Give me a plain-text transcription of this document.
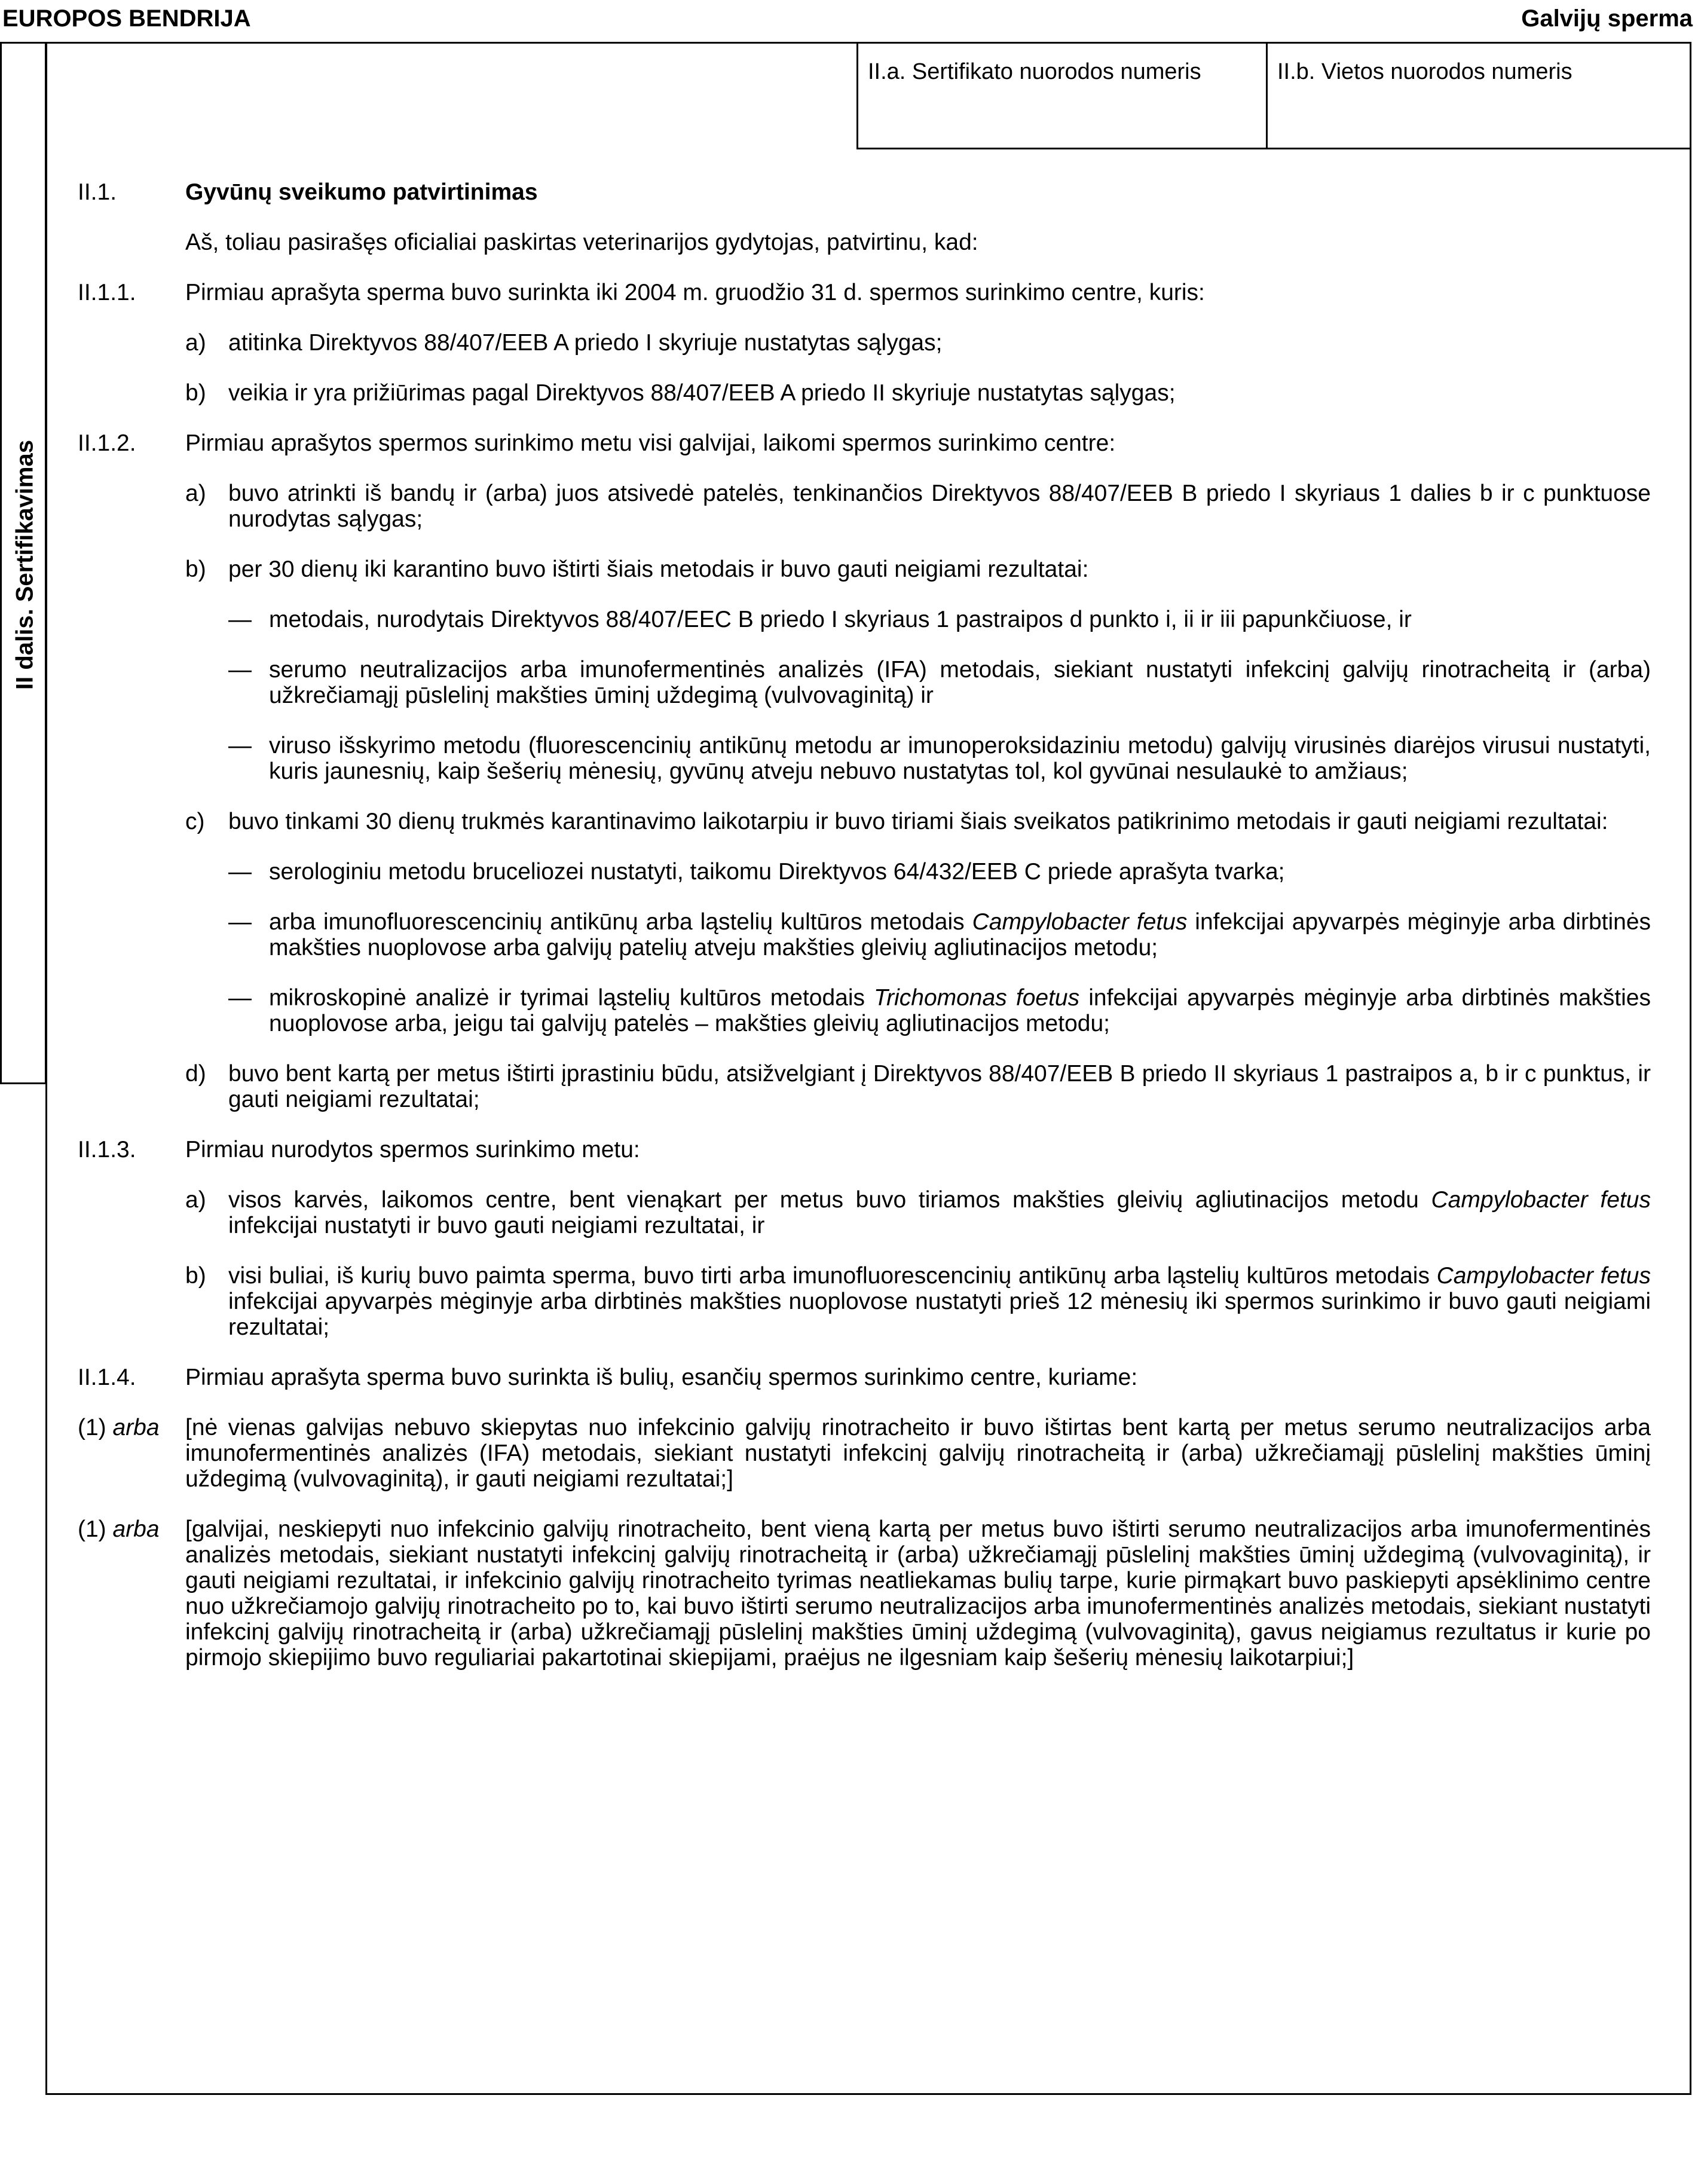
EUROPOS BENDRIJA	Galvijų sperma
II dalis. Sertifikavimas
II.a. Sertifikato nuorodos numeris	II.b. Vietos nuorodos numeris
II.1.	Gyvūnų sveikumo patvirtinimas
Aš, toliau pasirašęs oficialiai paskirtas veterinarijos gydytojas, patvirtinu, kad:
II.1.1.	Pirmiau aprašyta sperma buvo surinkta iki 2004 m. gruodžio 31 d. spermos surinkimo centre, kuris:
a) atitinka Direktyvos 88/407/EEB A priedo I skyriuje nustatytas sąlygas;
b) veikia ir yra prižiūrimas pagal Direktyvos 88/407/EEB A priedo II skyriuje nustatytas sąlygas;
II.1.2.	Pirmiau aprašytos spermos surinkimo metu visi galvijai, laikomi spermos surinkimo centre:
a) buvo atrinkti iš bandų ir (arba) juos atsivedė patelės, tenkinančios Direktyvos 88/407/EEB B priedo I skyriaus 1 dalies b ir c punktuose nurodytas sąlygas;
b) per 30 dienų iki karantino buvo ištirti šiais metodais ir buvo gauti neigiami rezultatai:
— metodais, nurodytais Direktyvos 88/407/EEC B priedo I skyriaus 1 pastraipos d punkto i, ii ir iii papunkčiuose, ir
— serumo neutralizacijos arba imunofermentinės analizės (IFA) metodais, siekiant nustatyti infekcinį galvijų rinotracheitą ir (arba) užkrečiamąjį pūslelinį makšties ūminį uždegimą (vulvovaginitą) ir
— viruso išskyrimo metodu (fluorescencinių antikūnų metodu ar imunoperoksidaziniu metodu) galvijų virusinės diarėjos virusui nustatyti, kuris jaunesnių, kaip šešerių mėnesių, gyvūnų atveju nebuvo nustatytas tol, kol gyvūnai nesulaukė to amžiaus;
c)	buvo tinkami 30 dienų trukmės karantinavimo laikotarpiu ir buvo tiriami šiais sveikatos patikrinimo metodais ir gauti neigiami rezultatai:
— serologiniu metodu bruceliozei nustatyti, taikomu Direktyvos 64/432/EEB C priede aprašyta tvarka;
— arba imunofluorescencinių antikūnų arba ląstelių kultūros metodais Campylobacter fetus infekcijai apyvarpės mėginyje arba dirbtinės makšties nuoplovose arba galvijų patelių atveju makšties gleivių agliutinacijos metodu;
— mikroskopinė analizė ir tyrimai ląstelių kultūros metodais Trichomonas foetus infekcijai apyvarpės mėginyje arba dirbtinės makšties nuoplovose arba, jeigu tai galvijų patelės – makšties gleivių agliutinacijos metodu;
d) buvo bent kartą per metus ištirti įprastiniu būdu, atsižvelgiant į Direktyvos 88/407/EEB B priedo II skyriaus 1 pastraipos a, b ir c punktus, ir gauti neigiami rezultatai;
II.1.3.	Pirmiau nurodytos spermos surinkimo metu:
a) visos karvės, laikomos centre, bent vienąkart per metus buvo tiriamos makšties gleivių agliutinacijos metodu Campylobacter fetus infekcijai nustatyti ir buvo gauti neigiami rezultatai, ir
b) visi buliai, iš kurių buvo paimta sperma, buvo tirti arba imunofluorescencinių antikūnų arba ląstelių kultūros metodais Campylobacter fetus infekcijai apyvarpės mėginyje arba dirbtinės makšties nuoplovose nustatyti prieš 12 mėnesių iki spermos surinkimo ir buvo gauti neigiami rezultatai;
II.1.4.	Pirmiau aprašyta sperma buvo surinkta iš bulių, esančių spermos surinkimo centre, kuriame:
(1) arba	[nė vienas galvijas nebuvo skiepytas nuo infekcinio galvijų rinotracheito ir buvo ištirtas bent kartą per metus serumo neutralizacijos arba imunofermentinės analizės (IFA) metodais, siekiant nustatyti infekcinį galvijų rinotracheitą ir (arba) užkrečiamąjį pūslelinį makšties ūminį uždegimą (vulvovaginitą), ir gauti neigiami rezultatai;]
(1) arba	[galvijai, neskiepyti nuo infekcinio galvijų rinotracheito, bent vieną kartą per metus buvo ištirti serumo neutralizacijos arba imunofermentinės analizės metodais, siekiant nustatyti infekcinį galvijų rinotracheitą ir (arba) užkrečiamąjį pūslelinį makšties ūminį uždegimą (vulvovaginitą), ir gauti neigiami rezultatai, ir infekcinio galvijų rinotracheito tyrimas neatliekamas bulių tarpe, kurie pirmąkart buvo paskiepyti apsėklinimo centre nuo užkrečiamojo galvijų rinotracheito po to, kai buvo ištirti serumo neutralizacijos arba imunofermentinės analizės metodais, siekiant nustatyti infekcinį galvijų rinotracheitą ir (arba) užkrečiamąjį pūslelinį makšties ūminį uždegimą (vulvovaginitą), gavus neigiamus rezultatus ir kurie po pirmojo skiepijimo buvo reguliariai pakartotinai skiepijami, praėjus ne ilgesniam kaip šešerių mėnesių laikotarpiui;]
